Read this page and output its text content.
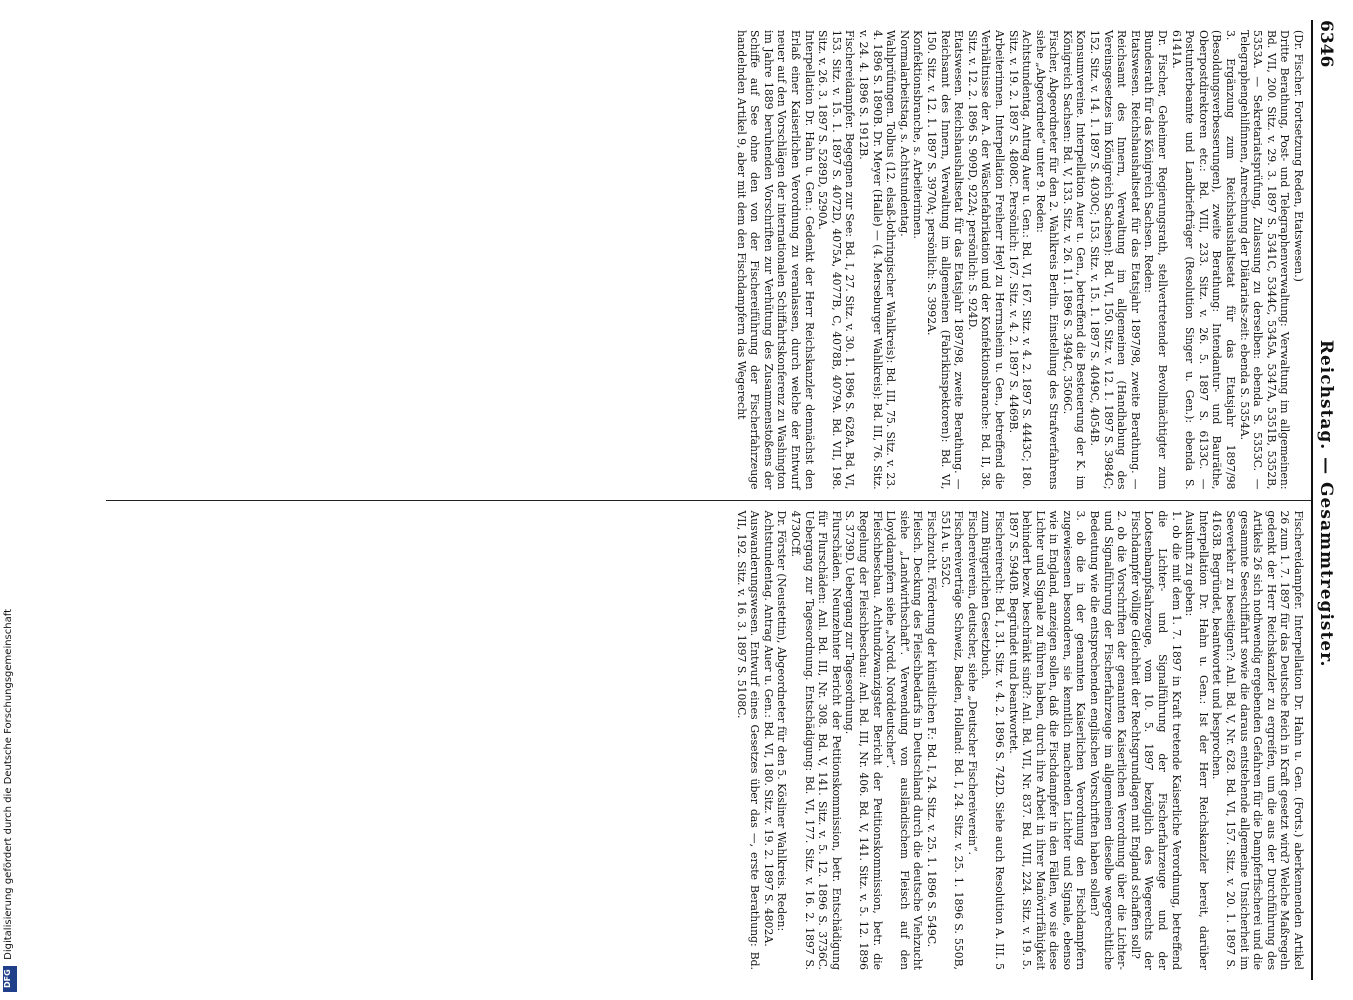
6346
Reichstag. — Gesammtregister.

(Dr. Fischer. Fortsetzung Reden, Etatswesen.)

Dritte Berathung, Post- und Telegraphenverwaltung: Verwaltung im allgemeinen: Bd. VII, 200. Sitz. v. 29. 3. 1897 S. 5341C, 5344C, 5345A, 5347A, 5351B, 5352B, 5353A. — Sekretariatsprüfung, Zulassung zu derselben: ebenda S. 5353C. — Telegraphengehilfinnen, Anrechnung der Diätariats-zeit: ebenda S. 5354A.

3. Ergänzung zum Reichshaushaltsetat für das Etatsjahr 1897/98 (Besoldungsverbesserungen), zweite Berathung: Intendantur- und Bauräthe, Oberpostdirektoren etc.: Bd. VIII, 233. Sitz. v. 26. 5. 1897 S. 6133C. — Postunterbeamte und Landbriefträger (Resolution Singer u. Gen.): ebenda S. 6141A.

Dr. Fischer, Geheimer Regierungsrath, stellvertretender Bevollmächtigter zum Bundesrath für das Königreich Sachsen. Reden:

Etatswesen. Reichshaushaltsetat für das Etatsjahr 1897/98, zweite Berathung. — Reichsamt des Innern, Verwaltung im allgemeinen (Handhabung des Vereinsgesetzes im Königreich Sachsen): Bd. VI, 150. Sitz. v. 12. 1. 1897 S. 3984C; 152. Sitz. v. 14. 1. 1897 S. 4030C; 153. Sitz. v. 15. 1. 1897 S. 4049C, 4054B.

Konsumvereine. Interpellation Auer u. Gen., betreffend die Besteuerung der K. im Königreich Sachsen: Bd. V, 133. Sitz. v. 26. 11. 1896 S. 3494C, 3506C.

Fischer, Abgeordneter für den 2. Wahlkreis Berlin. Einstellung des Strafverfahrens siehe „Abgeordnete“ unter 9. Reden:

Achtstundentag. Antrag Auer u. Gen.: Bd. VI, 167. Sitz. v. 4. 2. 1897 S. 4443C; 180. Sitz. v. 19. 2. 1897 S. 4808C. Persönlich: 167. Sitz. v. 4. 2. 1897 S. 4469B.

Arbeiterinnen. Interpellation Freiherr Heyl zu Herrnsheim u. Gen., betreffend die Verhältnisse der A. der Wäschefabrikation und der Konfektionsbranche: Bd. II, 38. Sitz. v. 12. 2. 1896 S. 909D, 922A; persönlich: S. 924D.

Etatswesen. Reichshaushaltsetat für das Etatsjahr 1897/98, zweite Berathung. — Reichsamt des Innern, Verwaltung im allgemeinen (Fabrikinspektoren): Bd. VI, 150. Sitz. v. 12. 1. 1897 S. 3970A; persönlich: S. 3992A.

Konfektionsbranche, s. Arbeiterinnen.

Normalarbeitstag, s. Achtstundentag.

Wahlprüfungen. Tolbus (12. elsaß-lothringischer Wahlkreis): Bd. III, 75. Sitz. v. 23. 4. 1896 S. 1890B. Dr. Meyer (Halle) — (4. Merseburger Wahlkreis): Bd. III, 76. Sitz. v. 24. 4. 1896 S. 1912B.

Fischereidampfer. Begegnen zur See: Bd. I, 27. Sitz. v. 30. 1. 1896 S. 628A. Bd. VI, 153. Sitz. v. 15. 1. 1897 S. 4072D, 4075A, 4077B, C, 4078B, 4079A. Bd. VII, 198. Sitz. v. 26. 3. 1897 S. 5289D, 5290A.

Interpellation Dr. Hahn u. Gen.: Gedenkt der Herr Reichskanzler demnächst den Erlaß einer Kaiserlichen Verordnung zu veranlassen, durch welche der Entwurf neuer auf den Vorschlägen der internationalen Schiffahrtskonferenz zu Washington im Jahre 1889 beruhenden Vorschriften zur Verhütung des Zusammenstoßens der Schiffe auf See ohne den von der Fischereiführung der Fischerfahrzeuge handelnden Artikel 9, aber mit dem den Fischdampfern das Wegerecht

Fischereidampfer. Interpellation Dr. Hahn u. Gen. (Forts.) aberkennenden Artikel 26 zum 1. 7. 1897 für das Deutsche Reich in Kraft gesetzt wird? Welche Maßregeln gedenkt der Herr Reichskanzler zu ergreifen, um die aus der Durchführung des Artikels 26 sich nothwendig ergebenden Gefahren für die Dampferfischerei und die gesammte Seeschiffahrt sowie die daraus entstehende allgemeine Unsicherheit im Seeverkehr zu beseitigen?: Anl. Bd. V, Nr. 628. Bd. VI, 157. Sitz. v. 20. 1. 1897 S. 4163B. Begründet, beantwortet und besprochen.

Interpellation Dr. Hahn u. Gen.: Ist der Herr Reichskanzler bereit, darüber Auskunft zu geben:

1. ob die mit dem 1. 7. 1897 in Kraft tretende Kaiserliche Verordnung, betreffend die Lichter- und Signalführung der Fischerfahrzeuge und der Lootsenbampfsahrzeuge, vom 10. 5. 1897 bezüglich des Wegerechts der Fischdampfer völlige Gleichheit der Rechtsgrundlagen mit England schaffen soll?

2. ob die Vorschriften der genannten Kaiserlichen Verordnung über die Lichter- und Signalführung der Fischerfahrzeuge im allgemeinen dieselbe wegerechtliche Bedeutung wie die entsprechenden englischen Vorschriften haben sollen?

3. ob die in der genannten Kaiserlichen Verordnung den Fischdampfern zugewiesenen besonderen, sie kenntlich machenden Lichter und Signale, ebenso wie in England, anzeigen sollen, daß die Fischdampfer in den Fällen, wo sie diese Lichter und Signale zu führen haben, durch ihre Arbeit in ihrer Manövrirfähigkeit behindert bezw. beschränkt sind?: Anl. Bd. VII, Nr. 837. Bd. VIII, 224. Sitz. v. 19. 5. 1897 S. 5940B. Begründet und beantwortet.

Fischereirecht: Bd. I, 31. Sitz. v. 4. 2. 1896 S. 742D. Siehe auch Resolution A. III. 5 zum Bürgerlichen Gesetzbuch.

Fischereiverein, deutscher, siehe „Deutscher Fischereiverein“.

Fischereiverträge Schweiz, Baden, Holland: Bd. I, 24. Sitz. v. 25. 1. 1896 S. 550B, 551A u. 552C.

Fischzucht. Förderung der künstlichen F.: Bd. I, 24. Sitz. v. 25. 1. 1896 S. 549C.

Fleisch. Deckung des Fleischbedarfs in Deutschland durch die deutsche Viehzucht siehe „Landwirthschaft“. Verwendung von ausländischem Fleisch auf den Lloyddampfern siehe „Nordd. Norddeutscher“.

Fleischbeschau. Achtundzwanzigster Bericht der Petitionskommission, betr. die Regelung der Fleischbeschau: Anl. Bd. III, Nr. 406. Bd. V, 141. Sitz. v. 5. 12. 1896 S. 3739D. Uebergang zur Tagesordnung.

Flurschäden. Neunzehnter Bericht der Petitionskommission, betr. Entschädigung für Flurschäden: Anl. Bd. III, Nr. 308. Bd. V, 141. Sitz. v. 5. 12. 1896 S. 3736C. Uebergang zur Tagesordnung. Entschädigung: Bd. VI, 177. Sitz. v. 16. 2. 1897 S. 4730Cff.

Dr. Förster (Neustettin), Abgeordneter für den 5. Kösliner Wahlkreis. Reden:

Achtstundentag. Antrag Auer u. Gen.: Bd. VI, 180. Sitz. v. 19. 2. 1897 S. 4802A.

Auswanderungswesen. Entwurf eines Gesetzes über das —, erste Berathung: Bd. VII, 192. Sitz. v. 16. 3. 1897 S. 5108C.

Digitalisierung gefördert durch die Deutsche Forschungsgemeinschaft
DFG
